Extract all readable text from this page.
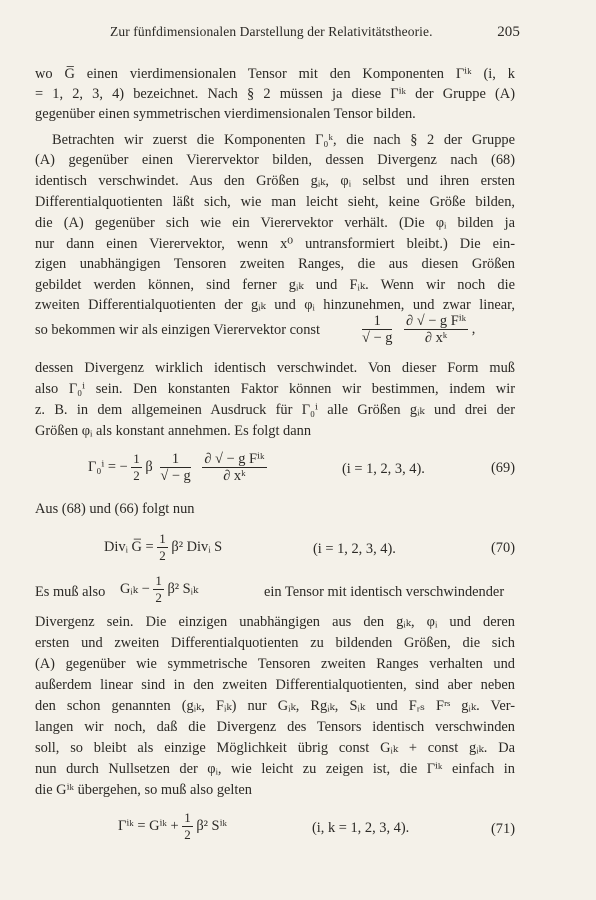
Zur fünfdimensionalen Darstellung der Relativitätstheorie.	205
wo G̅ einen vierdimensionalen Tensor mit den Komponenten Γⁱᵏ (i, k
= 1, 2, 3, 4) bezeichnet. Nach § 2 müssen ja diese Γⁱᵏ der Gruppe (A)
gegenüber einen symmetrischen vierdimensionalen Tensor bilden.
Betrachten wir zuerst die Komponenten Γ₀ᵏ, die nach § 2 der Gruppe
(A) gegenüber einen Vierervektor bilden, dessen Divergenz nach (68)
identisch verschwindet. Aus den Größen gᵢₖ, φᵢ selbst und ihren ersten
Differentialquotienten läßt sich, wie man leicht sieht, keine Größe bilden,
die (A) gegenüber sich wie ein Vierervektor verhält. (Die φᵢ bilden ja
nur dann einen Vierervektor, wenn x⁰ untransformiert bleibt.) Die ein-
zigen unabhängigen Tensoren zweiten Ranges, die aus diesen Größen
gebildet werden können, sind ferner gᵢₖ und Fᵢₖ. Wenn wir noch die
zweiten Differentialquotienten der gᵢₖ und φᵢ hinzunehmen, und zwar linear,
so bekommen wir als einzigen Vierervektor const	$\frac{1}{√ - g}$
$\frac{\text{∂ √ − g Fⁱᵏ}}{\text{∂ xᵏ}}$ ,
dessen Divergenz wirklich identisch verschwindet. Von dieser Form muß
also Γ₀ⁱ sein. Den konstanten Faktor können wir bestimmen, indem wir
z. B. in dem allgemeinen Ausdruck für Γ₀ⁱ alle Größen gᵢₖ und drei der
Größen φᵢ als konstant annehmen. Es folgt dann
Γ₀ⁱ = − $\frac{1}{2}$ β $\frac{1}{√ - g}$
$\frac{\text{∂ √ − g Fⁱᵏ}}{\text{∂ xᵏ}}$	(i = 1, 2, 3, 4).	(69)
Aus (68) und (66) folgt nun
Divᵢ G̅ = $\frac{1}{2} \beta^2$ Divᵢ S	(i = 1, 2, 3, 4).	(70)
Es muß also	Gᵢₖ − $\frac{1}{2} \beta^2$ Sᵢₖ	ein Tensor mit identisch verschwindender
Divergenz sein. Die einzigen unabhängigen aus den gᵢₖ, φᵢ und deren
ersten und zweiten Differentialquotienten zu bildenden Größen, die sich
(A) gegenüber wie symmetrische Tensoren zweiten Ranges verhalten und
außerdem linear sind in den zweiten Differentialquotienten, sind aber neben
den schon genannten (gᵢₖ, Fᵢₖ) nur Gᵢₖ, Rgᵢₖ, Sᵢₖ und Fᵣₛ Fʳˢ gᵢₖ. Ver-
langen wir noch, daß die Divergenz des Tensors identisch verschwinden
soll, so bleibt als einzige Möglichkeit übrig const Gᵢₖ + const gᵢₖ. Da
nun durch Nullsetzen der φᵢ, wie leicht zu zeigen ist, die Γⁱᵏ einfach in
die Gⁱᵏ übergehen, so muß also gelten
Γⁱᵏ = Gⁱᵏ + $\frac{1}{2} \beta^2$ Sⁱᵏ	(i, k = 1, 2, 3, 4).	(71)
